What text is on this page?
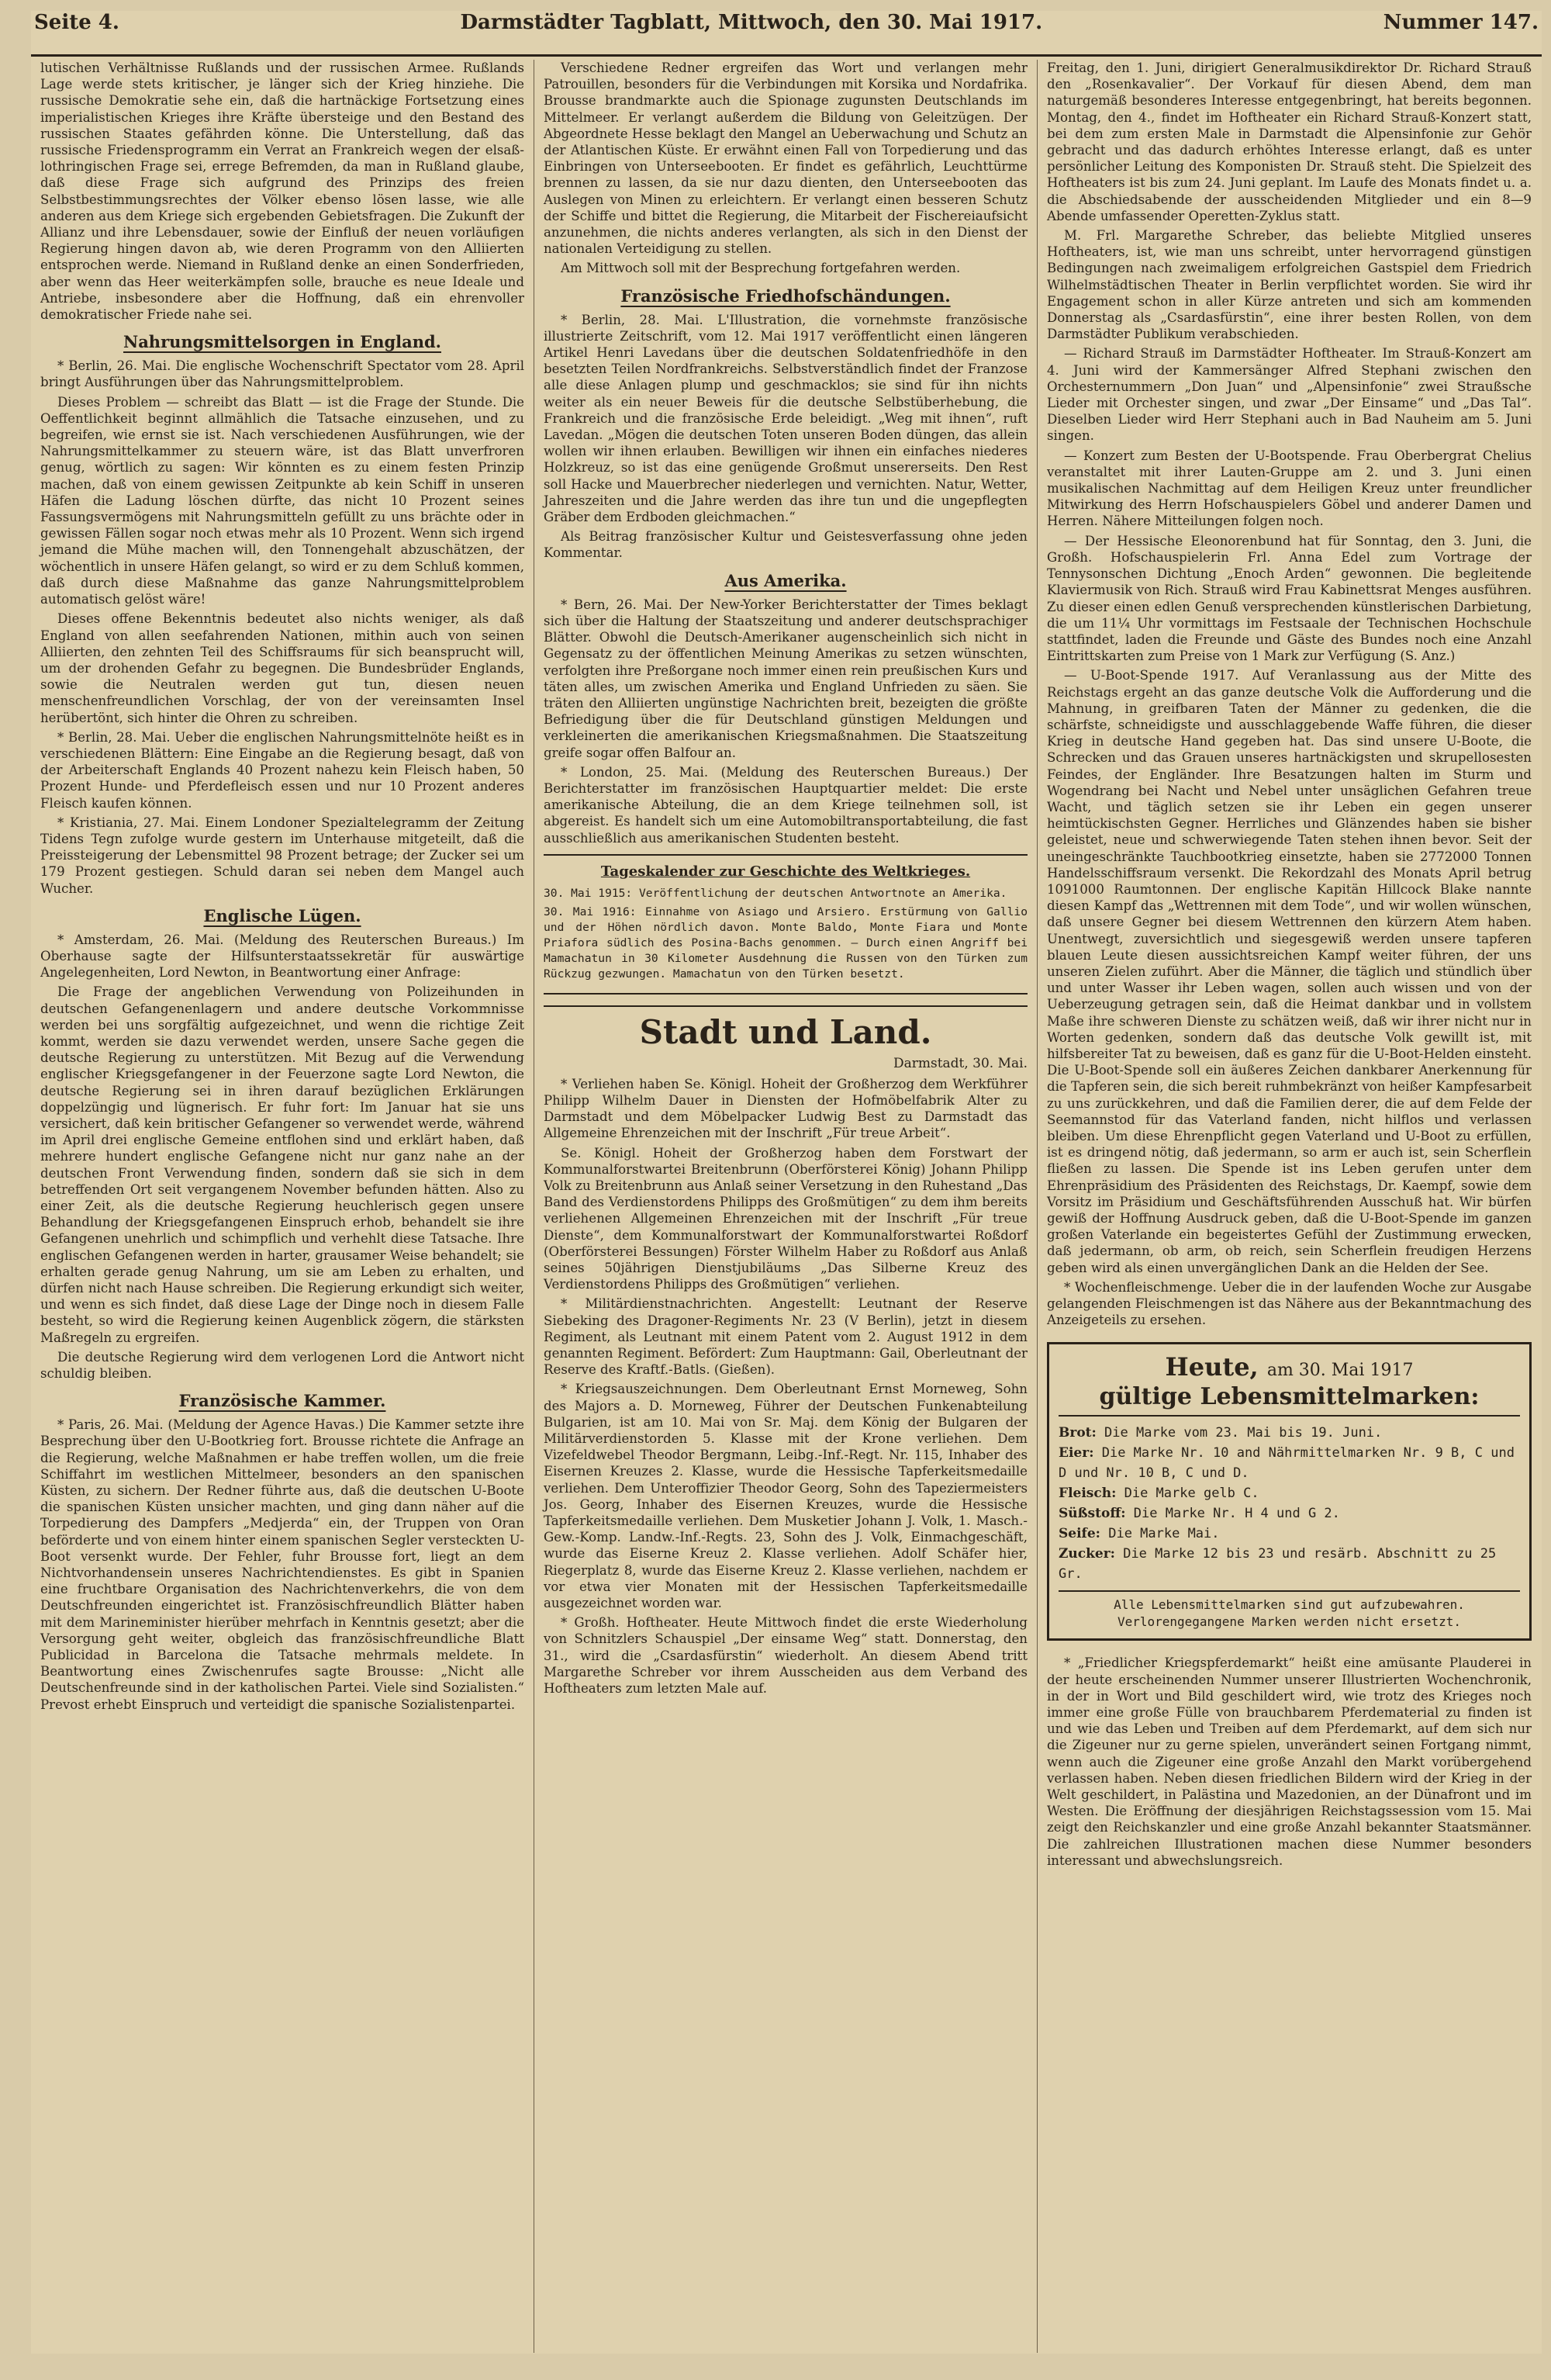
Seite 4.	Darmstädter Tagblatt, Mittwoch, den 30. Mai 1917.	Nummer 147.

lutischen Verhältnisse Rußlands und der russischen Armee. Rußlands Lage werde stets kritischer, je länger sich der Krieg hinziehe. Die russische Demokratie sehe ein, daß die hartnäckige Fortsetzung eines imperialistischen Krieges ihre Kräfte übersteige und den Bestand des russischen Staates gefährden könne. Die Unterstellung, daß das russische Friedensprogramm ein Verrat an Frankreich wegen der elsaß-lothringischen Frage sei, errege Befremden, da man in Rußland glaube, daß diese Frage sich aufgrund des Prinzips des freien Selbstbestimmungsrechtes der Völker ebenso lösen lasse, wie alle anderen aus dem Kriege sich ergebenden Gebietsfragen. Die Zukunft der Allianz und ihre Lebensdauer, sowie der Einfluß der neuen vorläufigen Regierung hingen davon ab, wie deren Programm von den Alliierten entsprochen werde. Niemand in Rußland denke an einen Sonderfrieden, aber wenn das Heer weiterkämpfen solle, brauche es neue Ideale und Antriebe, insbesondere aber die Hoffnung, daß ein ehrenvoller demokratischer Friede nahe sei.

Nahrungsmittelsorgen in England.

* Berlin, 26. Mai. Die englische Wochenschrift Spectator vom 28. April bringt Ausführungen über das Nahrungsmittelproblem.

Dieses Problem — schreibt das Blatt — ist die Frage der Stunde. Die Oeffentlichkeit beginnt allmählich die Tatsache einzusehen, und zu begreifen, wie ernst sie ist. Nach verschiedenen Ausführungen, wie der Nahrungsmittelkammer zu steuern wäre, ist das Blatt unverfroren genug, wörtlich zu sagen: Wir könnten es zu einem festen Prinzip machen, daß von einem gewissen Zeitpunkte ab kein Schiff in unseren Häfen die Ladung löschen dürfte, das nicht 10 Prozent seines Fassungsvermögens mit Nahrungsmitteln gefüllt zu uns brächte oder in gewissen Fällen sogar noch etwas mehr als 10 Prozent. Wenn sich irgend jemand die Mühe machen will, den Tonnengehalt abzuschätzen, der wöchentlich in unsere Häfen gelangt, so wird er zu dem Schluß kommen, daß durch diese Maßnahme das ganze Nahrungsmittelproblem automatisch gelöst wäre!

Dieses offene Bekenntnis bedeutet also nichts weniger, als daß England von allen seefahrenden Nationen, mithin auch von seinen Alliierten, den zehnten Teil des Schiffsraums für sich beansprucht will, um der drohenden Gefahr zu begegnen. Die Bundesbrüder Englands, sowie die Neutralen werden gut tun, diesen neuen menschenfreundlichen Vorschlag, der von der vereinsamten Insel herübertönt, sich hinter die Ohren zu schreiben.

* Berlin, 28. Mai. Ueber die englischen Nahrungsmittelnöte heißt es in verschiedenen Blättern: Eine Eingabe an die Regierung besagt, daß von der Arbeiterschaft Englands 40 Prozent nahezu kein Fleisch haben, 50 Prozent Hunde- und Pferdefleisch essen und nur 10 Prozent anderes Fleisch kaufen können.

* Kristiania, 27. Mai. Einem Londoner Spezialtelegramm der Zeitung Tidens Tegn zufolge wurde gestern im Unterhause mitgeteilt, daß die Preissteigerung der Lebensmittel 98 Prozent betrage; der Zucker sei um 179 Prozent gestiegen. Schuld daran sei neben dem Mangel auch Wucher.

Englische Lügen.

* Amsterdam, 26. Mai. (Meldung des Reuterschen Bureaus.) Im Oberhause sagte der Hilfsunterstaatssekretär für auswärtige Angelegenheiten, Lord Newton, in Beantwortung einer Anfrage:

Die Frage der angeblichen Verwendung von Polizeihunden in deutschen Gefangenenlagern und andere deutsche Vorkommnisse werden bei uns sorgfältig aufgezeichnet, und wenn die richtige Zeit kommt, werden sie dazu verwendet werden, unsere Sache gegen die deutsche Regierung zu unterstützen. Mit Bezug auf die Verwendung englischer Kriegsgefangener in der Feuerzone sagte Lord Newton, die deutsche Regierung sei in ihren darauf bezüglichen Erklärungen doppelzüngig und lügnerisch. Er fuhr fort: Im Januar hat sie uns versichert, daß kein britischer Gefangener so verwendet werde, während im April drei englische Gemeine entflohen sind und erklärt haben, daß mehrere hundert englische Gefangene nicht nur ganz nahe an der deutschen Front Verwendung finden, sondern daß sie sich in dem betreffenden Ort seit vergangenem November befunden hätten. Also zu einer Zeit, als die deutsche Regierung heuchlerisch gegen unsere Behandlung der Kriegsgefangenen Einspruch erhob, behandelt sie ihre Gefangenen unehrlich und schimpflich und verhehlt diese Tatsache. Ihre englischen Gefangenen werden in harter, grausamer Weise behandelt; sie erhalten gerade genug Nahrung, um sie am Leben zu erhalten, und dürfen nicht nach Hause schreiben. Die Regierung erkundigt sich weiter, und wenn es sich findet, daß diese Lage der Dinge noch in diesem Falle besteht, so wird die Regierung keinen Augenblick zögern, die stärksten Maßregeln zu ergreifen.

Die deutsche Regierung wird dem verlogenen Lord die Antwort nicht schuldig bleiben.

Französische Kammer.

* Paris, 26. Mai. (Meldung der Agence Havas.) Die Kammer setzte ihre Besprechung über den U-Bootkrieg fort. Brousse richtete die Anfrage an die Regierung, welche Maßnahmen er habe treffen wollen, um die freie Schiffahrt im westlichen Mittelmeer, besonders an den spanischen Küsten, zu sichern. Der Redner führte aus, daß die deutschen U-Boote die spanischen Küsten unsicher machten, und ging dann näher auf die Torpedierung des Dampfers „Medjerda“ ein, der Truppen von Oran beförderte und von einem hinter einem spanischen Segler versteckten U-Boot versenkt wurde. Der Fehler, fuhr Brousse fort, liegt an dem Nichtvorhandensein unseres Nachrichtendienstes. Es gibt in Spanien eine fruchtbare Organisation des Nachrichtenverkehrs, die von dem Deutschfreunden eingerichtet ist. Französischfreundlich Blätter haben mit dem Marineminister hierüber mehrfach in Kenntnis gesetzt; aber die Versorgung geht weiter, obgleich das französischfreundliche Blatt Publicidad in Barcelona die Tatsache mehrmals meldete. In Beantwortung eines Zwischenrufes sagte Brousse: „Nicht alle Deutschenfreunde sind in der katholischen Partei. Viele sind Sozialisten.“ Prevost erhebt Einspruch und verteidigt die spanische Sozialistenpartei.

Verschiedene Redner ergreifen das Wort und verlangen mehr Patrouillen, besonders für die Verbindungen mit Korsika und Nordafrika. Brousse brandmarkte auch die Spionage zugunsten Deutschlands im Mittelmeer. Er verlangt außerdem die Bildung von Geleitzügen. Der Abgeordnete Hesse beklagt den Mangel an Ueberwachung und Schutz an der Atlantischen Küste. Er erwähnt einen Fall von Torpedierung und das Einbringen von Unterseebooten. Er findet es gefährlich, Leuchttürme brennen zu lassen, da sie nur dazu dienten, den Unterseebooten das Auslegen von Minen zu erleichtern. Er verlangt einen besseren Schutz der Schiffe und bittet die Regierung, die Mitarbeit der Fischereiaufsicht anzunehmen, die nichts anderes verlangten, als sich in den Dienst der nationalen Verteidigung zu stellen.

Am Mittwoch soll mit der Besprechung fortgefahren werden.

Französische Friedhofschändungen.

* Berlin, 28. Mai. L'Illustration, die vornehmste französische illustrierte Zeitschrift, vom 12. Mai 1917 veröffentlicht einen längeren Artikel Henri Lavedans über die deutschen Soldatenfriedhöfe in den besetzten Teilen Nordfrankreichs. Selbstverständlich findet der Franzose alle diese Anlagen plump und geschmacklos; sie sind für ihn nichts weiter als ein neuer Beweis für die deutsche Selbstüberhebung, die Frankreich und die französische Erde beleidigt. „Weg mit ihnen“, ruft Lavedan. „Mögen die deutschen Toten unseren Boden düngen, das allein wollen wir ihnen erlauben. Bewilligen wir ihnen ein einfaches niederes Holzkreuz, so ist das eine genügende Großmut unsererseits. Den Rest soll Hacke und Mauerbrecher niederlegen und vernichten. Natur, Wetter, Jahreszeiten und die Jahre werden das ihre tun und die ungepflegten Gräber dem Erdboden gleichmachen.“

Als Beitrag französischer Kultur und Geistesverfassung ohne jeden Kommentar.

Aus Amerika.

* Bern, 26. Mai. Der New-Yorker Berichterstatter der Times beklagt sich über die Haltung der Staatszeitung und anderer deutschsprachiger Blätter. Obwohl die Deutsch-Amerikaner augenscheinlich sich nicht in Gegensatz zu der öffentlichen Meinung Amerikas zu setzen wünschten, verfolgten ihre Preßorgane noch immer einen rein preußischen Kurs und täten alles, um zwischen Amerika und England Unfrieden zu säen. Sie träten den Alliierten ungünstige Nachrichten breit, bezeigten die größte Befriedigung über die für Deutschland günstigen Meldungen und verkleinerten die amerikanischen Kriegsmaßnahmen. Die Staatszeitung greife sogar offen Balfour an.

* London, 25. Mai. (Meldung des Reuterschen Bureaus.) Der Berichterstatter im französischen Hauptquartier meldet: Die erste amerikanische Abteilung, die an dem Kriege teilnehmen soll, ist abgereist. Es handelt sich um eine Automobiltransportabteilung, die fast ausschließlich aus amerikanischen Studenten besteht.

Tageskalender zur Geschichte des Weltkrieges.

30. Mai 1915: Veröffentlichung der deutschen Antwortnote an Amerika.

30. Mai 1916: Einnahme von Asiago und Arsiero. Erstürmung von Gallio und der Höhen nördlich davon. Monte Baldo, Monte Fiara und Monte Priafora südlich des Posina-Bachs genommen. — Durch einen Angriff bei Mamachatun in 30 Kilometer Ausdehnung die Russen von den Türken zum Rückzug gezwungen. Mamachatun von den Türken besetzt.

Stadt und Land.
Darmstadt, 30. Mai.

* Verliehen haben Se. Königl. Hoheit der Großherzog dem Werkführer Philipp Wilhelm Dauer in Diensten der Hofmöbelfabrik Alter zu Darmstadt und dem Möbelpacker Ludwig Best zu Darmstadt das Allgemeine Ehrenzeichen mit der Inschrift „Für treue Arbeit“.

Se. Königl. Hoheit der Großherzog haben dem Forstwart der Kommunalforstwartei Breitenbrunn (Oberförsterei König) Johann Philipp Volk zu Breitenbrunn aus Anlaß seiner Versetzung in den Ruhestand „Das Band des Verdienstordens Philipps des Großmütigen“ zu dem ihm bereits verliehenen Allgemeinen Ehrenzeichen mit der Inschrift „Für treue Dienste“, dem Kommunalforstwart der Kommunalforstwartei Roßdorf (Oberförsterei Bessungen) Förster Wilhelm Haber zu Roßdorf aus Anlaß seines 50jährigen Dienstjubiläums „Das Silberne Kreuz des Verdienstordens Philipps des Großmütigen“ verliehen.

* Militärdienstnachrichten. Angestellt: Leutnant der Reserve Siebeking des Dragoner-Regiments Nr. 23 (V Berlin), jetzt in diesem Regiment, als Leutnant mit einem Patent vom 2. August 1912 in dem genannten Regiment. Befördert: Zum Hauptmann: Gail, Oberleutnant der Reserve des Kraftf.-Batls. (Gießen).

* Kriegsauszeichnungen. Dem Oberleutnant Ernst Morneweg, Sohn des Majors a. D. Morneweg, Führer der Deutschen Funkenabteilung Bulgarien, ist am 10. Mai von Sr. Maj. dem König der Bulgaren der Militärverdienstorden 5. Klasse mit der Krone verliehen. Dem Vizefeldwebel Theodor Bergmann, Leibg.-Inf.-Regt. Nr. 115, Inhaber des Eisernen Kreuzes 2. Klasse, wurde die Hessische Tapferkeitsmedaille verliehen. Dem Unteroffizier Theodor Georg, Sohn des Tapeziermeisters Jos. Georg, Inhaber des Eisernen Kreuzes, wurde die Hessische Tapferkeitsmedaille verliehen. Dem Musketier Johann J. Volk, 1. Masch.-Gew.-Komp. Landw.-Inf.-Regts. 23, Sohn des J. Volk, Einmachgeschäft, wurde das Eiserne Kreuz 2. Klasse verliehen. Adolf Schäfer hier, Riegerplatz 8, wurde das Eiserne Kreuz 2. Klasse verliehen, nachdem er vor etwa vier Monaten mit der Hessischen Tapferkeitsmedaille ausgezeichnet worden war.

* Großh. Hoftheater. Heute Mittwoch findet die erste Wiederholung von Schnitzlers Schauspiel „Der einsame Weg“ statt. Donnerstag, den 31., wird die „Csardasfürstin“ wiederholt. An diesem Abend tritt Margarethe Schreber vor ihrem Ausscheiden aus dem Verband des Hoftheaters zum letzten Male auf.

Freitag, den 1. Juni, dirigiert Generalmusikdirektor Dr. Richard Strauß den „Rosenkavalier“. Der Vorkauf für diesen Abend, dem man naturgemäß besonderes Interesse entgegenbringt, hat bereits begonnen. Montag, den 4., findet im Hoftheater ein Richard Strauß-Konzert statt, bei dem zum ersten Male in Darmstadt die Alpensinfonie zur Gehör gebracht und das dadurch erhöhtes Interesse erlangt, daß es unter persönlicher Leitung des Komponisten Dr. Strauß steht. Die Spielzeit des Hoftheaters ist bis zum 24. Juni geplant. Im Laufe des Monats findet u. a. die Abschiedsabende der ausscheidenden Mitglieder und ein 8—9 Abende umfassender Operetten-Zyklus statt.

M. Frl. Margarethe Schreber, das beliebte Mitglied unseres Hoftheaters, ist, wie man uns schreibt, unter hervorragend günstigen Bedingungen nach zweimaligem erfolgreichen Gastspiel dem Friedrich Wilhelmstädtischen Theater in Berlin verpflichtet worden. Sie wird ihr Engagement schon in aller Kürze antreten und sich am kommenden Donnerstag als „Csardasfürstin“, eine ihrer besten Rollen, von dem Darmstädter Publikum verabschieden.

— Richard Strauß im Darmstädter Hoftheater. Im Strauß-Konzert am 4. Juni wird der Kammersänger Alfred Stephani zwischen den Orchesternummern „Don Juan“ und „Alpensinfonie“ zwei Straußsche Lieder mit Orchester singen, und zwar „Der Einsame“ und „Das Tal“. Dieselben Lieder wird Herr Stephani auch in Bad Nauheim am 5. Juni singen.

— Konzert zum Besten der U-Bootspende. Frau Oberbergrat Chelius veranstaltet mit ihrer Lauten-Gruppe am 2. und 3. Juni einen musikalischen Nachmittag auf dem Heiligen Kreuz unter freundlicher Mitwirkung des Herrn Hofschauspielers Göbel und anderer Damen und Herren. Nähere Mitteilungen folgen noch.

— Der Hessische Eleonorenbund hat für Sonntag, den 3. Juni, die Großh. Hofschauspielerin Frl. Anna Edel zum Vortrage der Tennysonschen Dichtung „Enoch Arden“ gewonnen. Die begleitende Klaviermusik von Rich. Strauß wird Frau Kabinettsrat Menges ausführen. Zu dieser einen edlen Genuß versprechenden künstlerischen Darbietung, die um 11¼ Uhr vormittags im Festsaale der Technischen Hochschule stattfindet, laden die Freunde und Gäste des Bundes noch eine Anzahl Eintrittskarten zum Preise von 1 Mark zur Verfügung (S. Anz.)

— U-Boot-Spende 1917. Auf Veranlassung aus der Mitte des Reichstags ergeht an das ganze deutsche Volk die Aufforderung und die Mahnung, in greifbaren Taten der Männer zu gedenken, die die schärfste, schneidigste und ausschlaggebende Waffe führen, die dieser Krieg in deutsche Hand gegeben hat. Das sind unsere U-Boote, die Schrecken und das Grauen unseres hartnäckigsten und skrupellosesten Feindes, der Engländer. Ihre Besatzungen halten im Sturm und Wogendrang bei Nacht und Nebel unter unsäglichen Gefahren treue Wacht, und täglich setzen sie ihr Leben ein gegen unserer heimtückischsten Gegner. Herrliches und Glänzendes haben sie bisher geleistet, neue und schwerwiegende Taten stehen ihnen bevor. Seit der uneingeschränkte Tauchbootkrieg einsetzte, haben sie 2772000 Tonnen Handelsschiffsraum versenkt. Die Rekordzahl des Monats April betrug 1091000 Raumtonnen. Der englische Kapitän Hillcock Blake nannte diesen Kampf das „Wettrennen mit dem Tode“, und wir wollen wünschen, daß unsere Gegner bei diesem Wettrennen den kürzern Atem haben. Unentwegt, zuversichtlich und siegesgewiß werden unsere tapferen blauen Leute diesen aussichtsreichen Kampf weiter führen, der uns unseren Zielen zuführt. Aber die Männer, die täglich und stündlich über und unter Wasser ihr Leben wagen, sollen auch wissen und von der Ueberzeugung getragen sein, daß die Heimat dankbar und in vollstem Maße ihre schweren Dienste zu schätzen weiß, daß wir ihrer nicht nur in Worten gedenken, sondern daß das deutsche Volk gewillt ist, mit hilfsbereiter Tat zu beweisen, daß es ganz für die U-Boot-Helden einsteht. Die U-Boot-Spende soll ein äußeres Zeichen dankbarer Anerkennung für die Tapferen sein, die sich bereit ruhmbekränzt von heißer Kampfesarbeit zu uns zurückkehren, und daß die Familien derer, die auf dem Felde der Seemannstod für das Vaterland fanden, nicht hilflos und verlassen bleiben. Um diese Ehrenpflicht gegen Vaterland und U-Boot zu erfüllen, ist es dringend nötig, daß jedermann, so arm er auch ist, sein Scherflein fließen zu lassen. Die Spende ist ins Leben gerufen unter dem Ehrenpräsidium des Präsidenten des Reichstags, Dr. Kaempf, sowie dem Vorsitz im Präsidium und Geschäftsführenden Ausschuß hat. Wir bürfen gewiß der Hoffnung Ausdruck geben, daß die U-Boot-Spende im ganzen großen Vaterlande ein begeistertes Gefühl der Zustimmung erwecken, daß jedermann, ob arm, ob reich, sein Scherflein freudigen Herzens geben wird als einen unvergänglichen Dank an die Helden der See.

* Wochenfleischmenge. Ueber die in der laufenden Woche zur Ausgabe gelangenden Fleischmengen ist das Nähere aus der Bekanntmachung des Anzeigeteils zu ersehen.

Heute, am 30. Mai 1917
gültige Lebensmittelmarken:
Brot: Die Marke vom 23. Mai bis 19. Juni.
Eier: Die Marke Nr. 10 and Nährmittelmarken Nr. 9 B, C und D und Nr. 10 B, C und D.
Fleisch: Die Marke gelb C.
Süßstoff: Die Marke Nr. H 4 und G 2.
Seife: Die Marke Mai.
Zucker: Die Marke 12 bis 23 und resärb. Abschnitt zu 25 Gr.
Alle Lebensmittelmarken sind gut aufzubewahren. Verlorengegangene Marken werden nicht ersetzt.

* „Friedlicher Kriegspferdemarkt“ heißt eine amüsante Plauderei in der heute erscheinenden Nummer unserer Illustrierten Wochenchronik, in der in Wort und Bild geschildert wird, wie trotz des Krieges noch immer eine große Fülle von brauchbarem Pferdematerial zu finden ist und wie das Leben und Treiben auf dem Pferdemarkt, auf dem sich nur die Zigeuner nur zu gerne spielen, unverändert seinen Fortgang nimmt, wenn auch die Zigeuner eine große Anzahl den Markt vorübergehend verlassen haben. Neben diesen friedlichen Bildern wird der Krieg in der Welt geschildert, in Palästina und Mazedonien, an der Dünafront und im Westen. Die Eröffnung der diesjährigen Reichstagssession vom 15. Mai zeigt den Reichskanzler und eine große Anzahl bekannter Staatsmänner. Die zahlreichen Illustrationen machen diese Nummer besonders interessant und abwechslungsreich.
